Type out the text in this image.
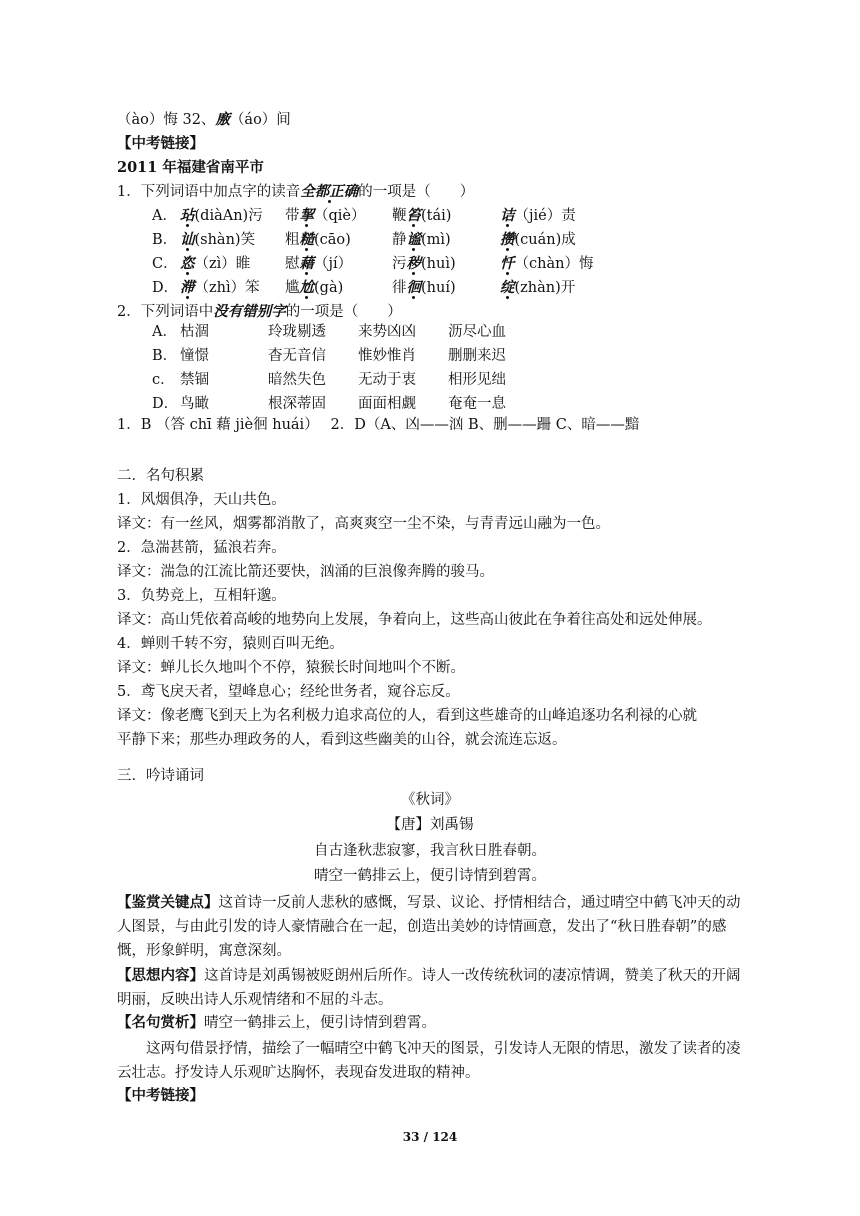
（ào）悔 32、廒（áo）间
【中考链接】
2011 年福建省南平市
1．下列词语中加点字的读音全都正确的一项是（　　）
A． 玷(diàAn)污 带挈（qiè） 鞭笞(tái)	诘（jié）责
B． 讪(shàn)笑 粗糙(cāo)	静谧(mì)	攒(cuán)成
C． 恣（zì）睢 慰藉（jí）	污秽(huì)	忏（chàn）悔
D． 滞（zhì）笨 尴尬(gà)	徘徊(huí)	绽(zhàn)开
2．下列词语中没有错别字的一项是（　　）
A． 枯涸	玲珑剔透 来势凶凶 沥尽心血
B． 憧憬	杳无音信 惟妙惟肖 删删来迟
c． 禁锢	暗然失色 无动于衷 相形见绌
D． 鸟瞰	根深蒂固 面面相觑 奄奄一息
1．B （答 chī 藉 jiè徊 huái）　 2．D（A、凶——汹 B、删——跚 C、暗——黯
二．名句积累
1．风烟俱净，天山共色。
译文：有一丝风，烟雾都消散了，高爽爽空一尘不染，与青青远山融为一色。
2．急湍甚箭，猛浪若奔。
译文：湍急的江流比箭还要快，汹涌的巨浪像奔腾的骏马。
3．负势竞上，互相轩邈。
译文：高山凭依着高峻的地势向上发展，争着向上，这些高山彼此在争着往高处和远处伸展。
4．蝉则千转不穷，猿则百叫无绝。
译文：蝉儿长久地叫个不停，猿猴长时间地叫个不断。
5．鸢飞戾天者，望峰息心；经纶世务者，窥谷忘反。
译文：像老鹰飞到天上为名利极力追求高位的人，看到这些雄奇的山峰追逐功名利禄的心就
平静下来；那些办理政务的人，看到这些幽美的山谷，就会流连忘返。
三．吟诗诵词
《秋词》
【唐】刘禹锡
自古逢秋悲寂寥，我言秋日胜春朝。
晴空一鹤排云上，便引诗情到碧霄。
【鉴赏关键点】这首诗一反前人悲秋的感慨，写景、议论、抒情相结合，通过晴空中鹤飞冲天的动人图景，与由此引发的诗人豪情融合在一起，创造出美妙的诗情画意，发出了“秋日胜春朝”的感慨，形象鲜明，寓意深刻。
【思想内容】这首诗是刘禹锡被贬朗州后所作。诗人一改传统秋词的凄凉情调，赞美了秋天的开阔明丽，反映出诗人乐观情绪和不屈的斗志。
【名句赏析】晴空一鹤排云上，便引诗情到碧霄。
这两句借景抒情，描绘了一幅晴空中鹤飞冲天的图景，引发诗人无限的情思，激发了读者的凌云壮志。抒发诗人乐观旷达胸怀，表现奋发进取的精神。
【中考链接】
33 / 124
